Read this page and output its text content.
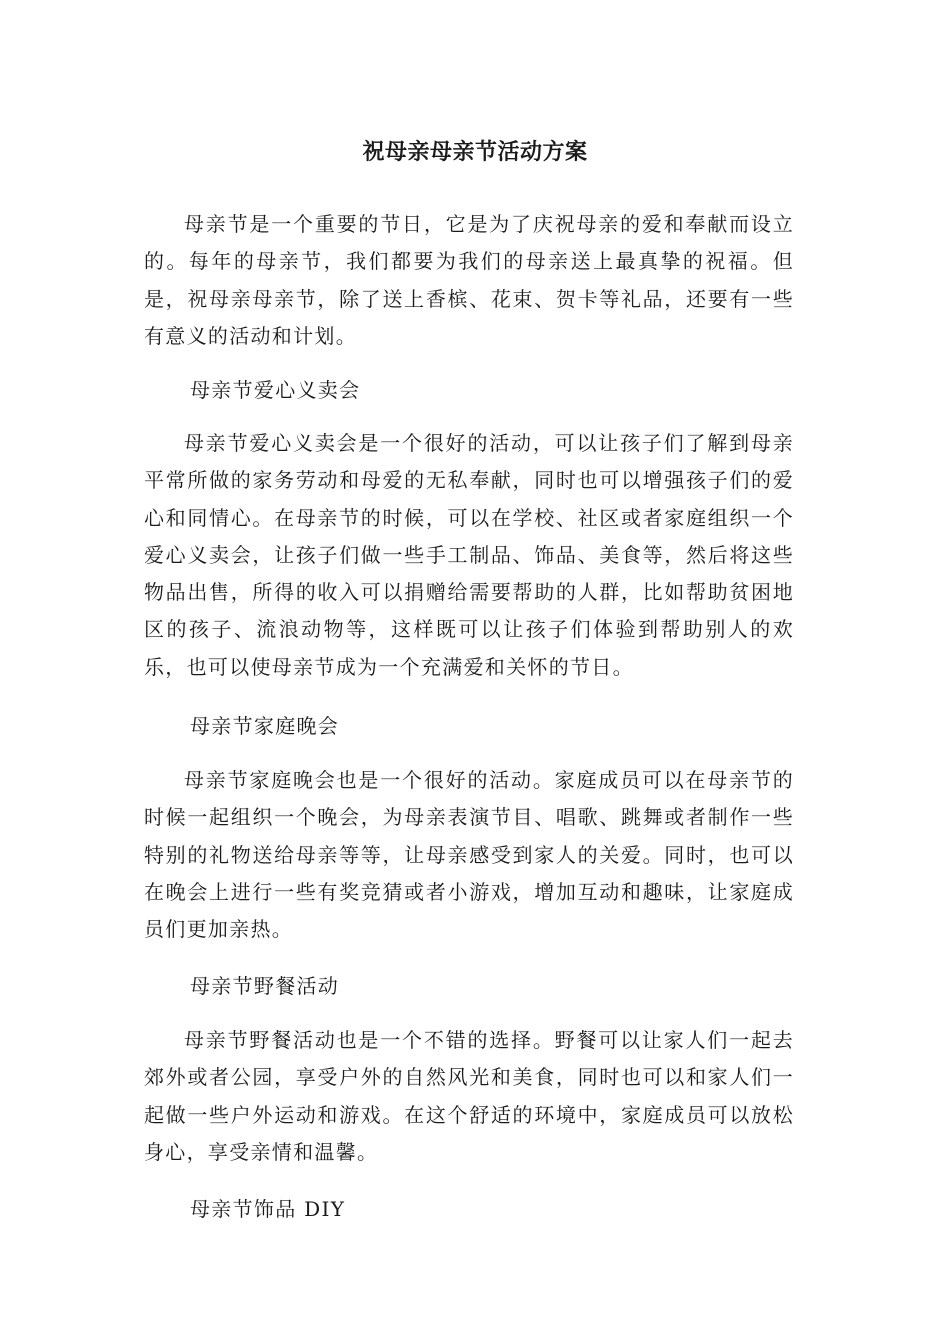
祝母亲母亲节活动方案

母亲节是一个重要的节日，它是为了庆祝母亲的爱和奉献而设立的。每年的母亲节，我们都要为我们的母亲送上最真挚的祝福。但是，祝母亲母亲节，除了送上香槟、花束、贺卡等礼品，还要有一些有意义的活动和计划。

母亲节爱心义卖会

母亲节爱心义卖会是一个很好的活动，可以让孩子们了解到母亲平常所做的家务劳动和母爱的无私奉献，同时也可以增强孩子们的爱心和同情心。在母亲节的时候，可以在学校、社区或者家庭组织一个爱心义卖会，让孩子们做一些手工制品、饰品、美食等，然后将这些物品出售，所得的收入可以捐赠给需要帮助的人群，比如帮助贫困地区的孩子、流浪动物等，这样既可以让孩子们体验到帮助别人的欢乐，也可以使母亲节成为一个充满爱和关怀的节日。

母亲节家庭晚会

母亲节家庭晚会也是一个很好的活动。家庭成员可以在母亲节的时候一起组织一个晚会，为母亲表演节目、唱歌、跳舞或者制作一些特别的礼物送给母亲等等，让母亲感受到家人的关爱。同时，也可以在晚会上进行一些有奖竞猜或者小游戏，增加互动和趣味，让家庭成员们更加亲热。

母亲节野餐活动

母亲节野餐活动也是一个不错的选择。野餐可以让家人们一起去郊外或者公园，享受户外的自然风光和美食，同时也可以和家人们一起做一些户外运动和游戏。在这个舒适的环境中，家庭成员可以放松身心，享受亲情和温馨。

母亲节饰品 DIY
